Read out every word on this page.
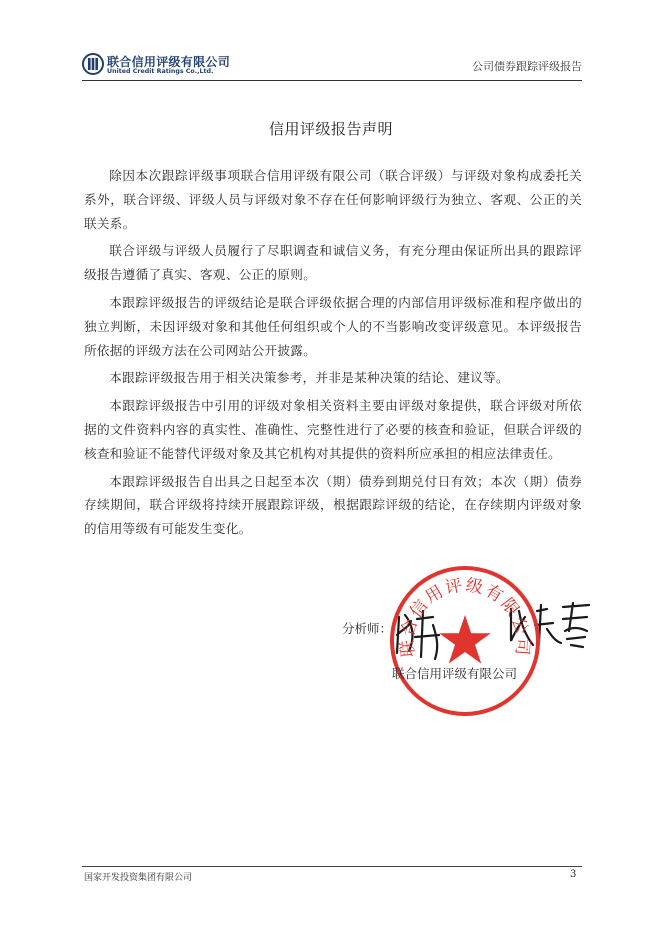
联合信用评级有限公司
United Credit Ratings Co.,Ltd.	公司债券跟踪评级报告
信用评级报告声明

除因本次跟踪评级事项联合信用评级有限公司（联合评级）与评级对象构成委托关系外，联合评级、评级人员与评级对象不存在任何影响评级行为独立、客观、公正的关联关系。

联合评级与评级人员履行了尽职调查和诚信义务，有充分理由保证所出具的跟踪评级报告遵循了真实、客观、公正的原则。

本跟踪评级报告的评级结论是联合评级依据合理的内部信用评级标准和程序做出的独立判断，未因评级对象和其他任何组织或个人的不当影响改变评级意见。本评级报告所依据的评级方法在公司网站公开披露。

本跟踪评级报告用于相关决策参考，并非是某种决策的结论、建议等。

本跟踪评级报告中引用的评级对象相关资料主要由评级对象提供，联合评级对所依据的文件资料内容的真实性、准确性、完整性进行了必要的核查和验证，但联合评级的核查和验证不能替代评级对象及其它机构对其提供的资料所应承担的相应法律责任。

本跟踪评级报告自出具之日起至本次（期）债券到期兑付日有效；本次（期）债券存续期间，联合评级将持续开展跟踪评级，根据跟踪评级的结论，在存续期内评级对象的信用等级有可能发生变化。

分析师：
联合信用评级有限公司
联合信用评级有限公司
国家开发投资集团有限公司	3
